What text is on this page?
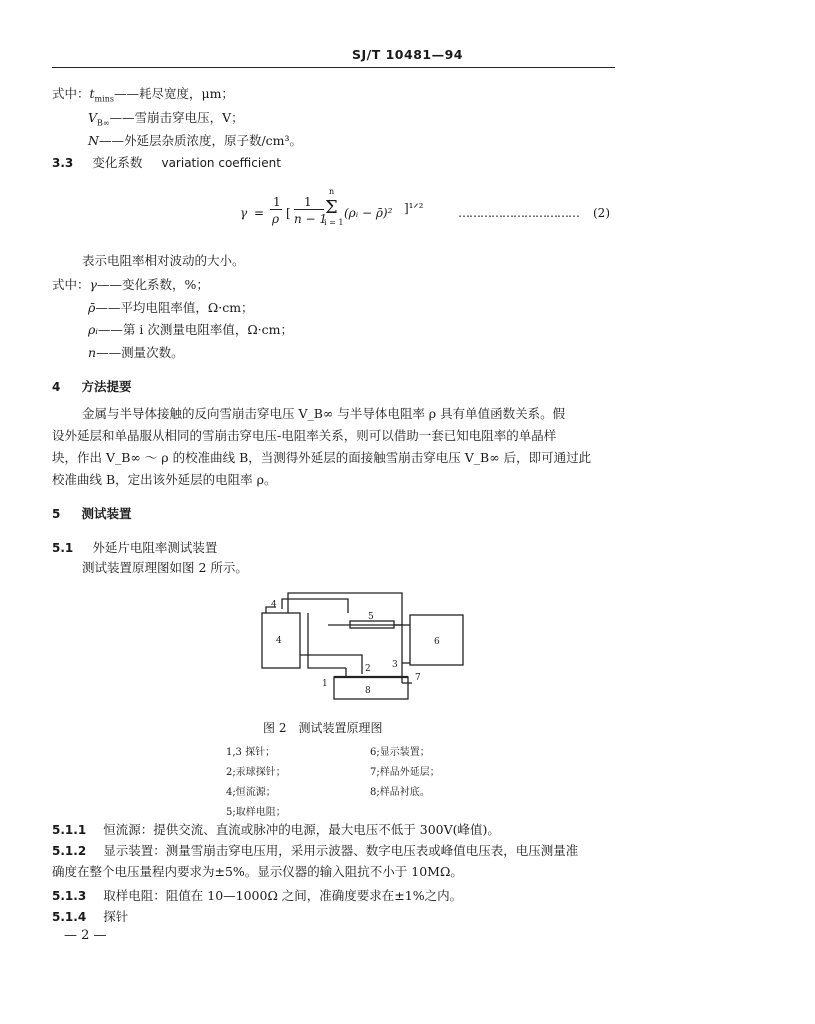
SJ/T 10481—94
式中：$t_{mins}——$耗尽宽度，μm；
$V_{B\infty}——$雪崩击穿电压，V；
N——外延层杂质浓度，原子数/cm³。
3.3 变化系数 variation coefficient
γ =
1
ρ [
1
n − 1
n
Σ
i = 1
(ρᵢ − ρ̄)² ]¹ᐟ²	…………………………… (2)
表示电阻率相对波动的大小。
式中：γ——变化系数，%；
ρ̄——平均电阻率值，Ω·cm；
ρᵢ——第 i 次测量电阻率值，Ω·cm；
n——测量次数。
4 方法提要
金属与半导体接触的反向雪崩击穿电压 V_B∞ 与半导体电阻率 ρ 具有单值函数关系。假
设外延层和单晶服从相同的雪崩击穿电压-电阻率关系，则可以借助一套已知电阻率的单晶样
块，作出 V_B∞ ～ ρ 的校准曲线 B，当测得外延层的面接触雪崩击穿电压 V_B∞ 后，即可通过此
校准曲线 B，定出该外延层的电阻率 ρ。
5 测试装置
5.1 外延片电阻率测试装置
测试装置原理图如图 2 所示。
4
4
5
6
1
2 3
7
8
图 2　测试装置原理图
1,3 探针；
2;汞球探针；
4;恒流源；
5;取样电阻；
6;显示装置；
7;样品外延层；
8;样品衬底。
5.1.1 恒流源：提供交流、直流或脉冲的电源，最大电压不低于 300V(峰值)。
5.1.2 显示装置：测量雪崩击穿电压用，采用示波器、数字电压表或峰值电压表，电压测量准
确度在整个电压量程内要求为±5%。显示仪器的输入阻抗不小于 10MΩ。
5.1.3 取样电阻：阻值在 10—1000Ω 之间，准确度要求在±1%之内。
5.1.4 探针
— 2 —
